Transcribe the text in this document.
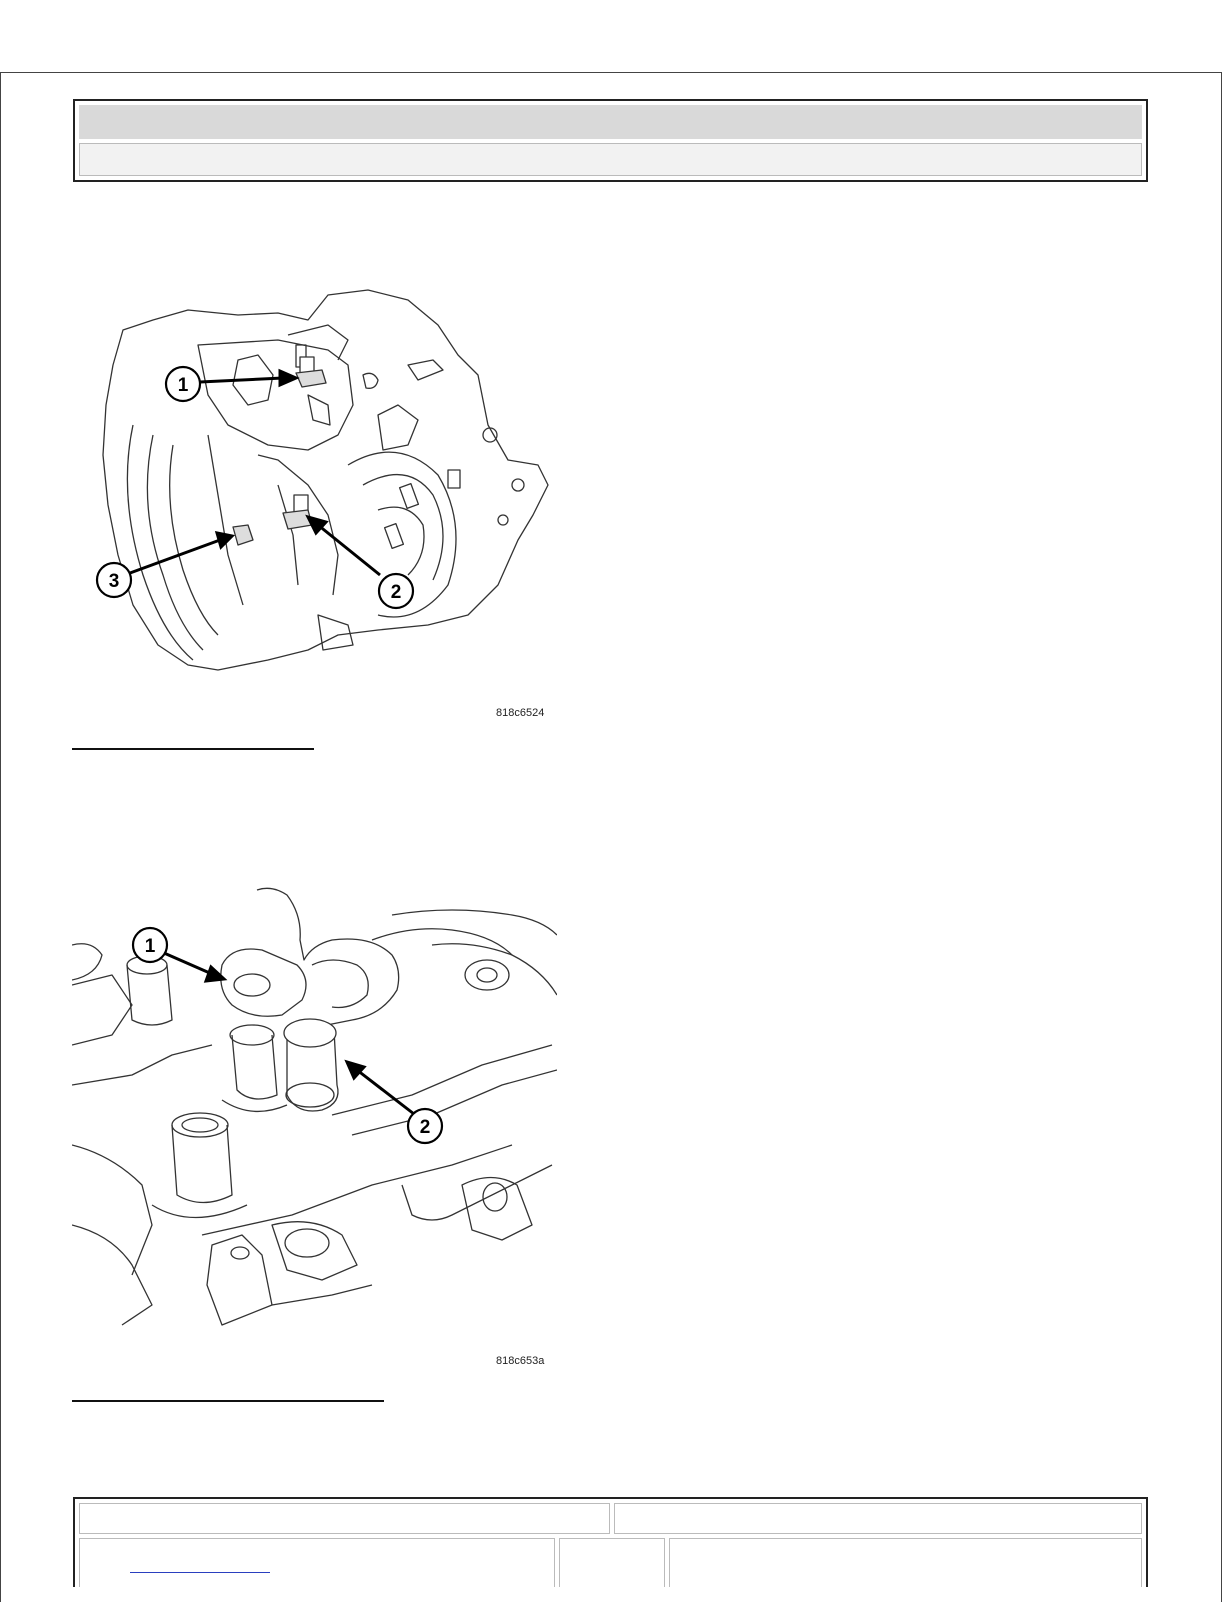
1
2
3
818c6524
1
2
818c653a
